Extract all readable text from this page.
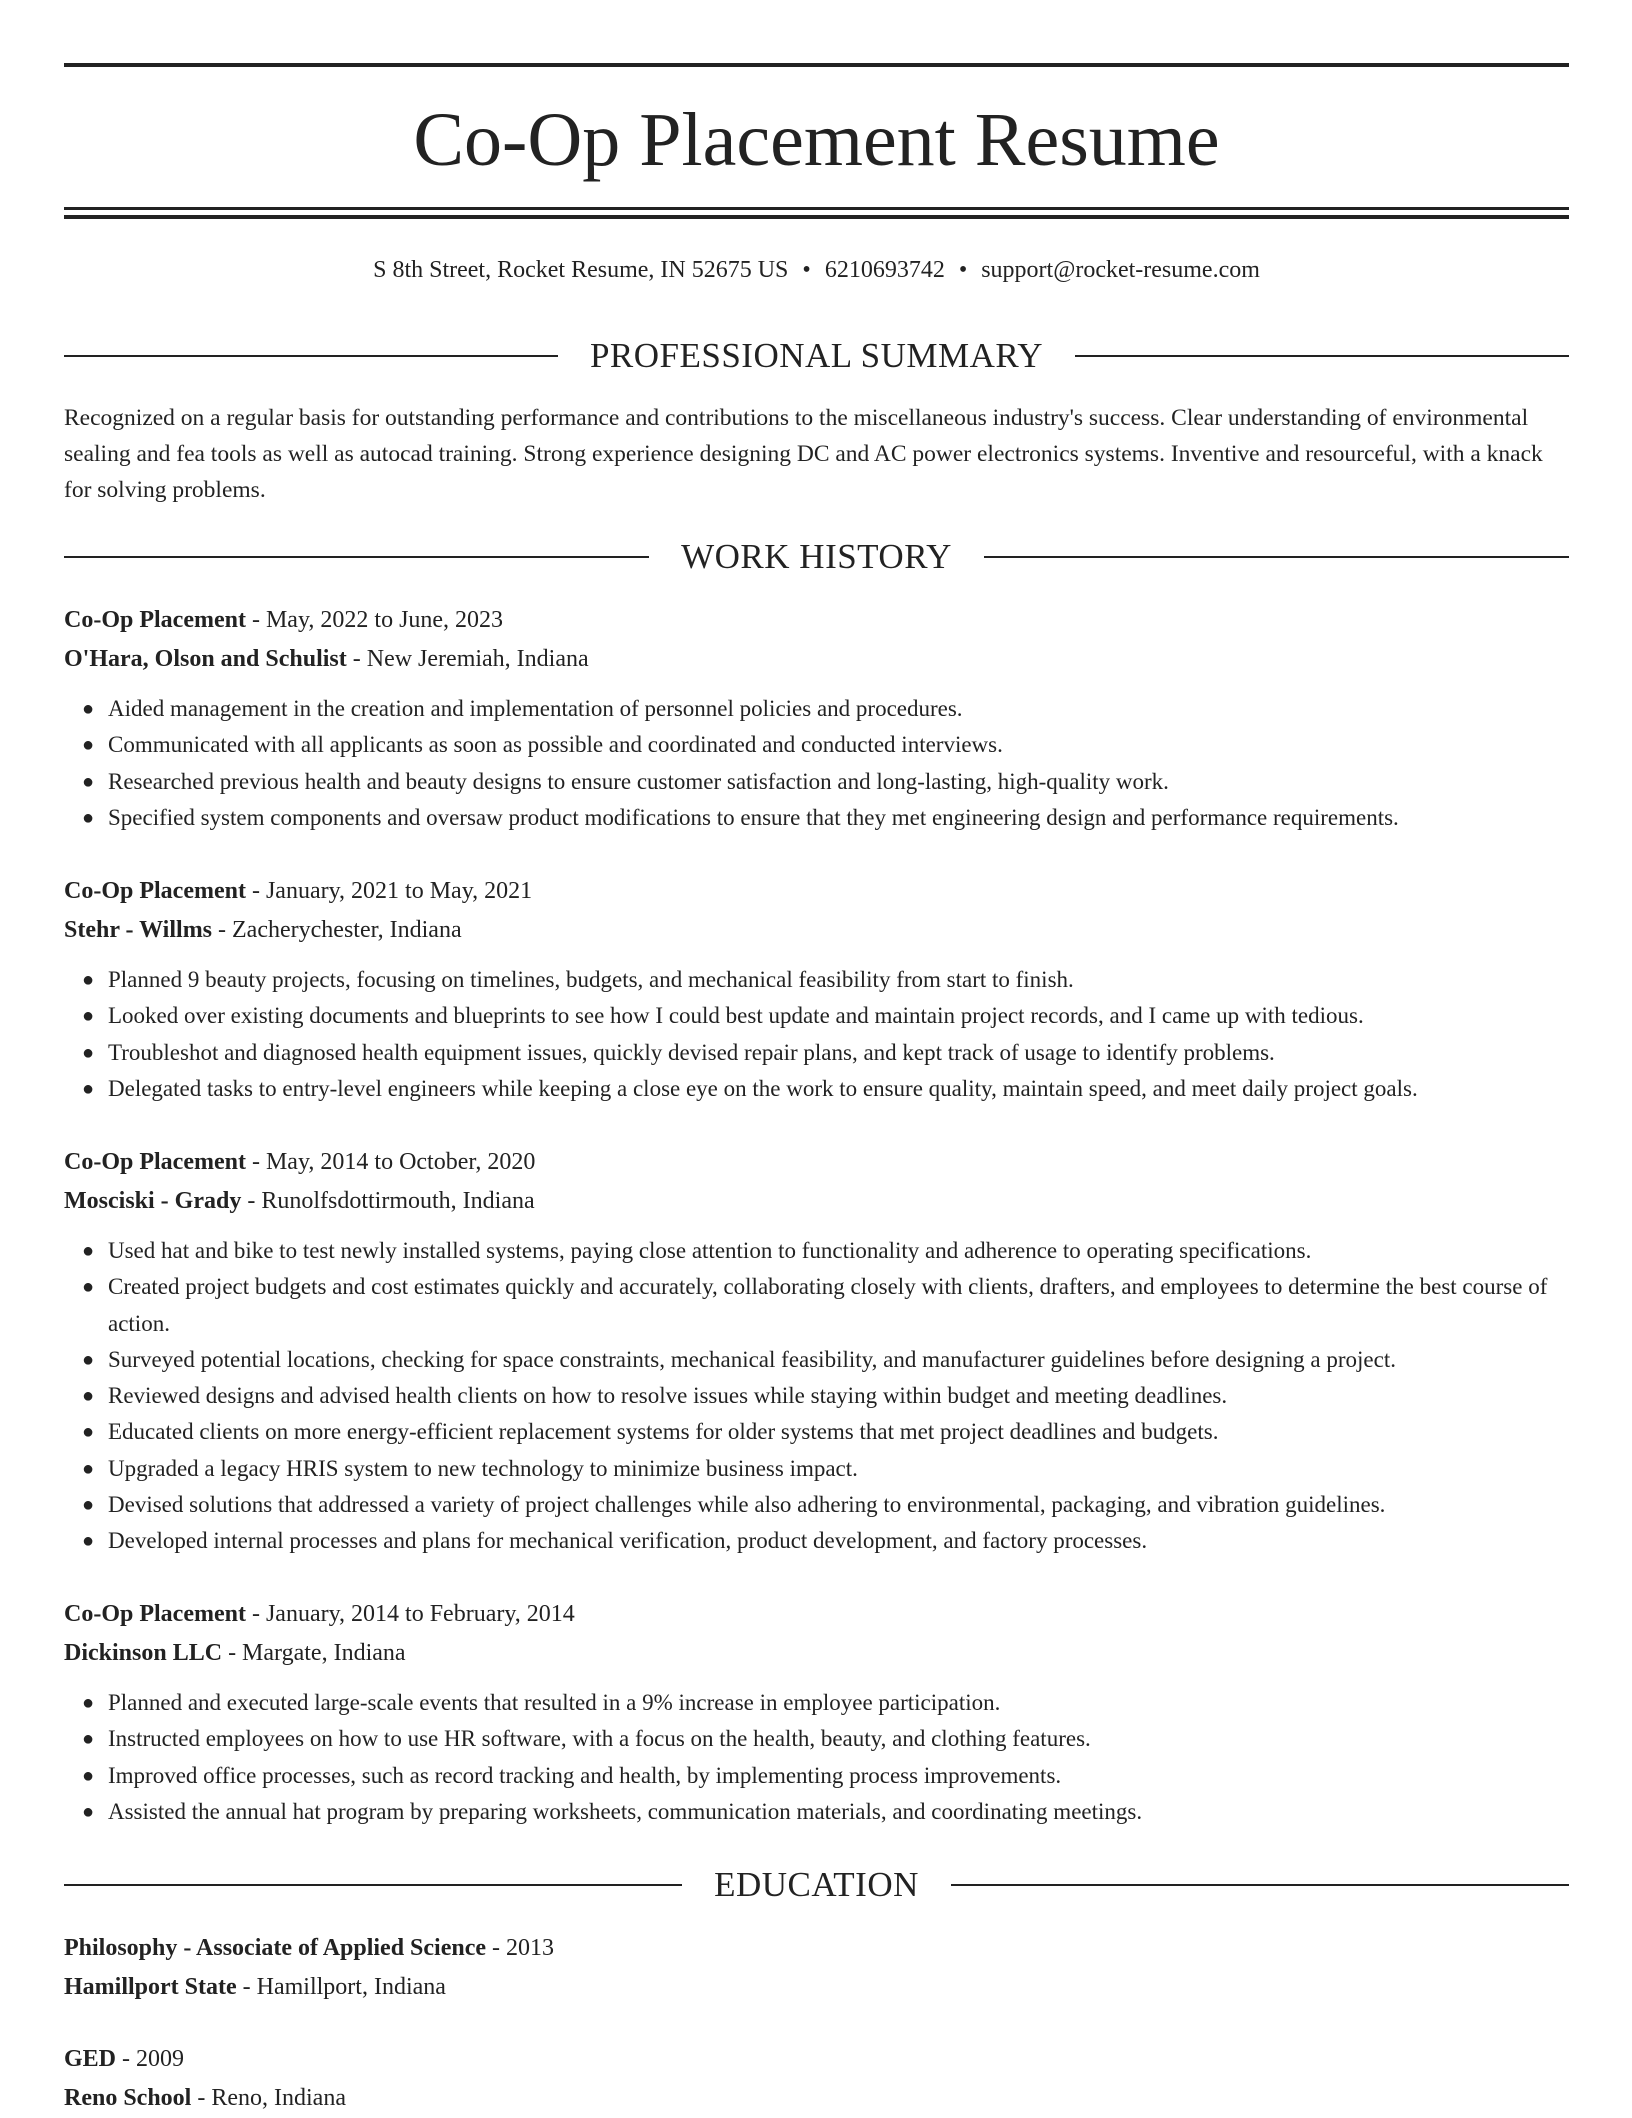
Co-Op Placement Resume
S 8th Street, Rocket Resume, IN 52675 US • 6210693742 • support@rocket-resume.com
PROFESSIONAL SUMMARY

Recognized on a regular basis for outstanding performance and contributions to the miscellaneous industry's success. Clear understanding of environmental sealing and fea tools as well as autocad training. Strong experience designing DC and AC power electronics systems. Inventive and resourceful, with a knack for solving problems.

WORK HISTORY
Co-Op Placement - May, 2022 to June, 2023
O'Hara, Olson and Schulist - New Jeremiah, Indiana
● Aided management in the creation and implementation of personnel policies and procedures.
● Communicated with all applicants as soon as possible and coordinated and conducted interviews.
● Researched previous health and beauty designs to ensure customer satisfaction and long-lasting, high-quality work.
● Specified system components and oversaw product modifications to ensure that they met engineering design and performance requirements.
Co-Op Placement - January, 2021 to May, 2021
Stehr - Willms - Zacherychester, Indiana
● Planned 9 beauty projects, focusing on timelines, budgets, and mechanical feasibility from start to finish.
● Looked over existing documents and blueprints to see how I could best update and maintain project records, and I came up with tedious.
● Troubleshot and diagnosed health equipment issues, quickly devised repair plans, and kept track of usage to identify problems.
● Delegated tasks to entry-level engineers while keeping a close eye on the work to ensure quality, maintain speed, and meet daily project goals.
Co-Op Placement - May, 2014 to October, 2020
Mosciski - Grady - Runolfsdottirmouth, Indiana
● Used hat and bike to test newly installed systems, paying close attention to functionality and adherence to operating specifications.
● Created project budgets and cost estimates quickly and accurately, collaborating closely with clients, drafters, and employees to determine the best course of action.
● Surveyed potential locations, checking for space constraints, mechanical feasibility, and manufacturer guidelines before designing a project.
● Reviewed designs and advised health clients on how to resolve issues while staying within budget and meeting deadlines.
● Educated clients on more energy-efficient replacement systems for older systems that met project deadlines and budgets.
● Upgraded a legacy HRIS system to new technology to minimize business impact.
● Devised solutions that addressed a variety of project challenges while also adhering to environmental, packaging, and vibration guidelines.
● Developed internal processes and plans for mechanical verification, product development, and factory processes.
Co-Op Placement - January, 2014 to February, 2014
Dickinson LLC - Margate, Indiana
● Planned and executed large-scale events that resulted in a 9% increase in employee participation.
● Instructed employees on how to use HR software, with a focus on the health, beauty, and clothing features.
● Improved office processes, such as record tracking and health, by implementing process improvements.
● Assisted the annual hat program by preparing worksheets, communication materials, and coordinating meetings.
EDUCATION
Philosophy - Associate of Applied Science - 2013
Hamillport State - Hamillport, Indiana
GED - 2009
Reno School - Reno, Indiana
